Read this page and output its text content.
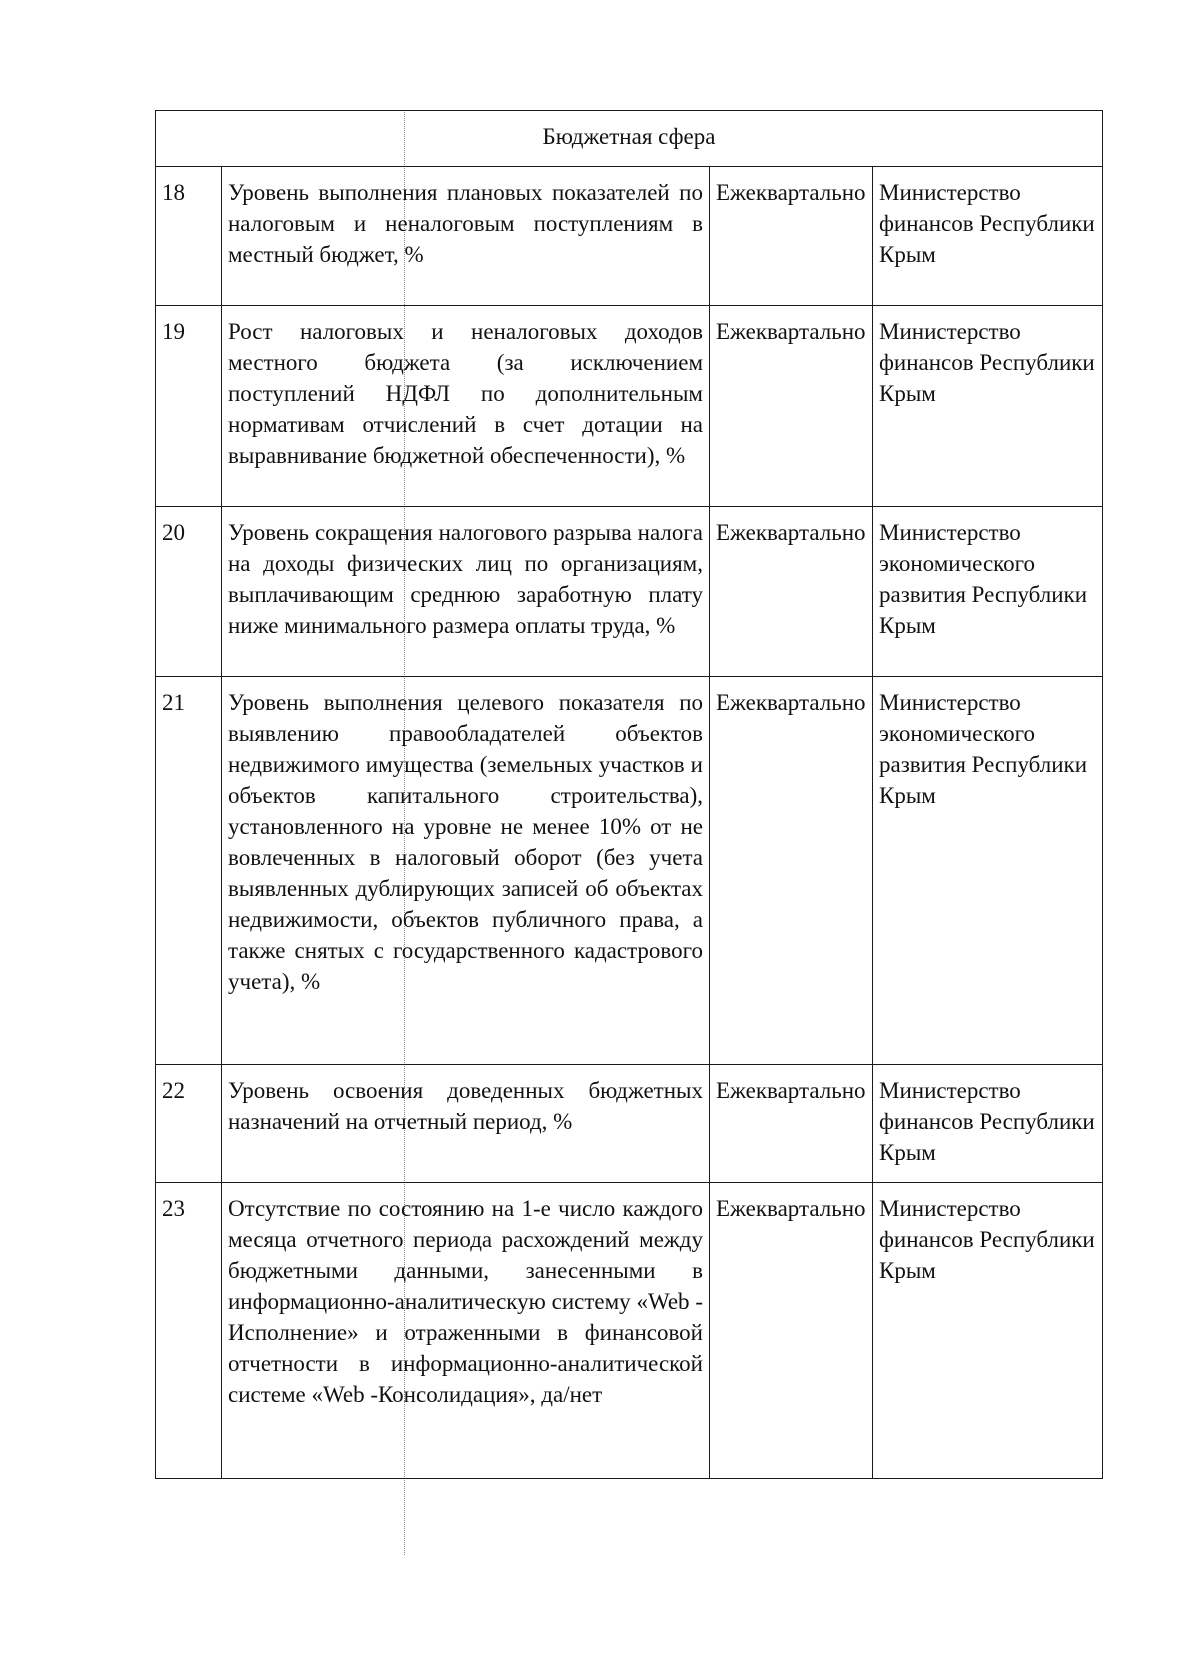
Бюджетная сфера			
18	Уровень выполнения плановых показателей по налоговым и неналоговым поступлениям в местный бюджет, %	Ежеквартально	Министерство финансов Республики Крым
19	Рост налоговых и неналоговых доходов местного бюджета (за исключением поступлений НДФЛ по дополнительным нормативам отчислений в счет дотации на выравнивание бюджетной обеспеченности), %	Ежеквартально	Министерство финансов Республики Крым
20	Уровень сокращения налогового разрыва налога на доходы физических лиц по организациям, выплачивающим среднюю заработную плату ниже минимального размера оплаты труда, %	Ежеквартально	Министерство экономического развития Республики Крым
21	Уровень выполнения целевого показателя по выявлению правообладателей объектов недвижимого имущества (земельных участков и объектов капитального строительства), установленного на уровне не менее 10% от не вовлеченных в налоговый оборот (без учета выявленных дублирующих записей об объектах недвижимости, объектов публичного права, а также снятых с государственного кадастрового учета), %	Ежеквартально	Министерство экономического развития Республики Крым
22	Уровень освоения доведенных бюджетных назначений на отчетный период, %	Ежеквартально	Министерство финансов Республики Крым
23	Отсутствие по состоянию на 1-е число каждого месяца отчетного периода расхождений между бюджетными данными, занесенными в информационно-аналитическую систему «Web - Исполнение» и отраженными в финансовой отчетности в информационно-аналитической системе «Web -Консолидация», да/нет	Ежеквартально	Министерство финансов Республики Крым
